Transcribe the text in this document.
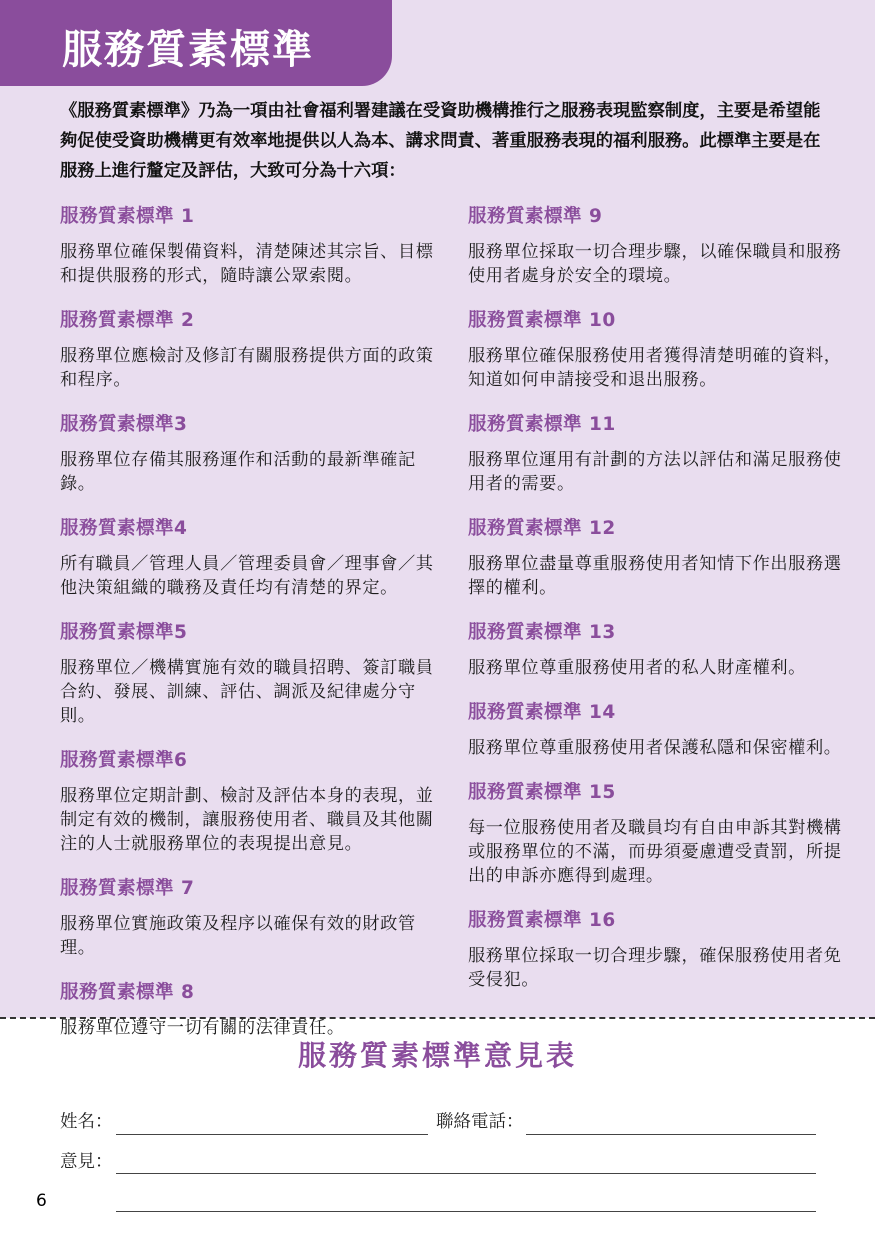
服務質素標準
《服務質素標準》乃為一項由社會福利署建議在受資助機構推行之服務表現監察制度，主要是希望能夠促使受資助機構更有效率地提供以人為本、講求問責、著重服務表現的福利服務。此標準主要是在服務上進行釐定及評估，大致可分為十六項：
服務質素標準 1

服務單位確保製備資料，清楚陳述其宗旨、目標和提供服務的形式，隨時讓公眾索閱。

服務質素標準 2

服務單位應檢討及修訂有關服務提供方面的政策和程序。

服務質素標準3

服務單位存備其服務運作和活動的最新準確記錄。

服務質素標準4

所有職員／管理人員／管理委員會／理事會／其他決策組織的職務及責任均有清楚的界定。

服務質素標準5

服務單位／機構實施有效的職員招聘、簽訂職員合約、發展、訓練、評估、調派及紀律處分守則。

服務質素標準6

服務單位定期計劃、檢討及評估本身的表現，並制定有效的機制，讓服務使用者、職員及其他關注的人士就服務單位的表現提出意見。

服務質素標準 7

服務單位實施政策及程序以確保有效的財政管理。

服務質素標準 8

服務單位遵守一切有關的法律責任。

服務質素標準 9

服務單位採取一切合理步驟，以確保職員和服務使用者處身於安全的環境。

服務質素標準 10

服務單位確保服務使用者獲得清楚明確的資料，知道如何申請接受和退出服務。

服務質素標準 11

服務單位運用有計劃的方法以評估和滿足服務使用者的需要。

服務質素標準 12

服務單位盡量尊重服務使用者知情下作出服務選擇的權利。

服務質素標準 13

服務單位尊重服務使用者的私人財產權利。

服務質素標準 14

服務單位尊重服務使用者保護私隱和保密權利。

服務質素標準 15

每一位服務使用者及職員均有自由申訴其對機構或服務單位的不滿，而毋須憂慮遭受責罰，所提出的申訴亦應得到處理。

服務質素標準 16

服務單位採取一切合理步驟，確保服務使用者免受侵犯。

服務質素標準意見表
姓名：	聯絡電話：
意見：
6
